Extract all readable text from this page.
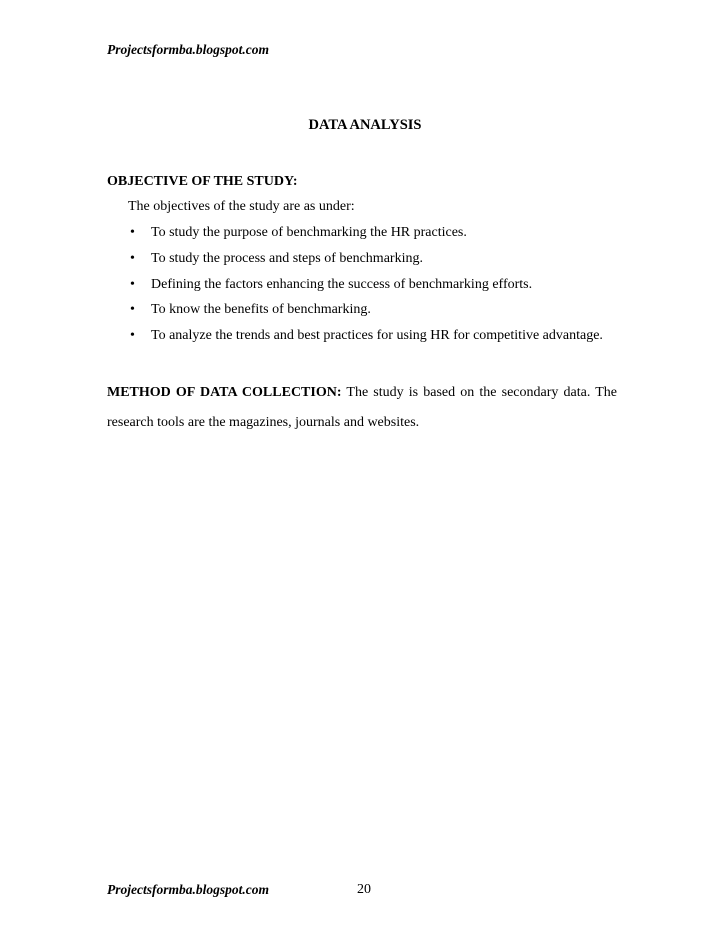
Projectsformba.blogspot.com
DATA ANALYSIS
OBJECTIVE OF THE STUDY:
The objectives of the study are as under:
• To study the purpose of benchmarking the HR practices.
• To study the process and steps of benchmarking.
• Defining the factors enhancing the success of benchmarking efforts.
• To know the benefits of benchmarking.
• To analyze the trends and best practices for using HR for competitive advantage.
METHOD OF DATA COLLECTION: The study is based on the secondary data. The research tools are the magazines, journals and websites.
Projectsformba.blogspot.com	20
